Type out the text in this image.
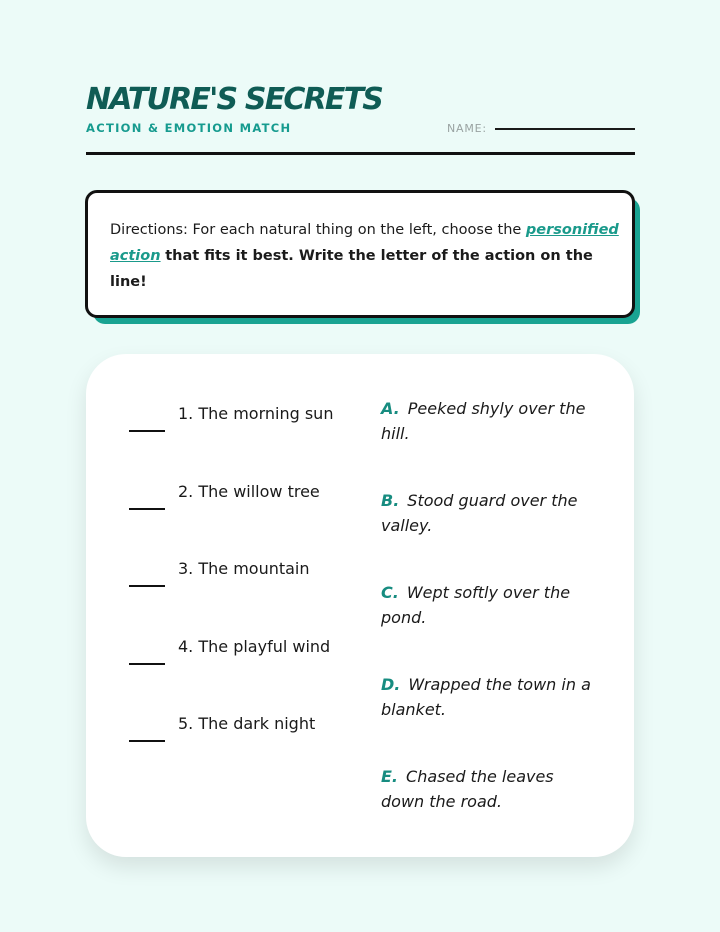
NATURE'S SECRETS
ACTION & EMOTION MATCH	NAME:
Directions: For each natural thing on the left, choose the personified action that fits it best. Write the letter of the action on the line!
1. The morning sun
2. The willow tree
3. The mountain
4. The playful wind
5. The dark night
A. Peeked shyly over the hill.
B. Stood guard over the valley.
C. Wept softly over the pond.
D. Wrapped the town in a blanket.
E. Chased the leaves down the road.
